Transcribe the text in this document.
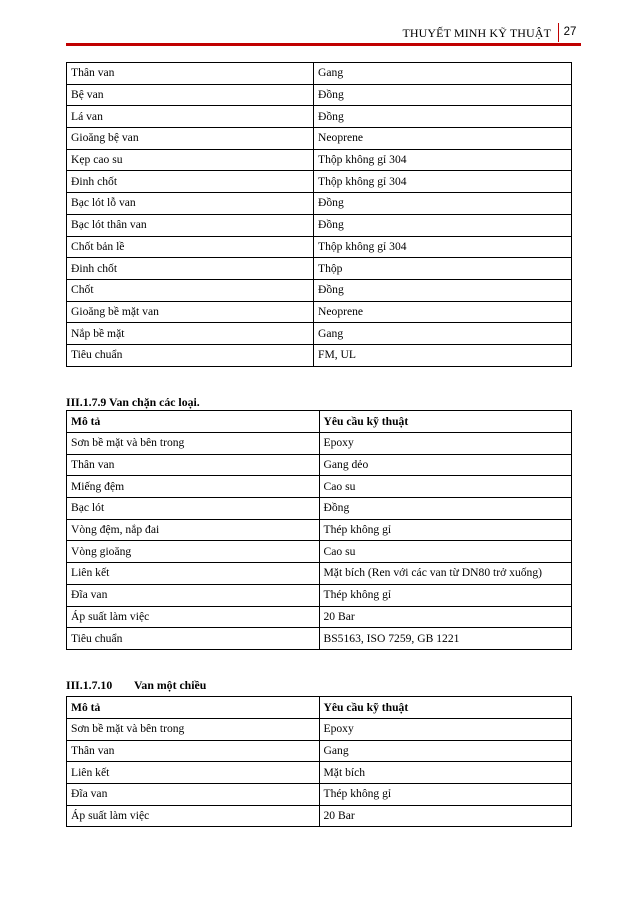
THUYẾT MINH KỸ THUẬT	27
Thân van	Gang
Bệ van	Đồng
Lá van	Đồng
Gioăng bệ van	Neoprene
Kẹp cao su	Thộp không gỉ 304
Đinh chốt	Thộp không gỉ 304
Bạc lót lỗ van	Đồng
Bạc lót thân van	Đồng
Chốt bản lề	Thộp không gỉ 304
Đinh chốt	Thộp
Chốt	Đồng
Gioăng bề mặt van	Neoprene
Nắp bề mặt	Gang
Tiêu chuẩn	FM, UL
III.1.7.9 Van chặn các loại.
Mô tả	Yêu cầu kỹ thuật
Sơn bề mặt và bên trong	Epoxy
Thân van	Gang dẻo
Miếng đệm	Cao su
Bạc lót	Đồng
Vòng đệm, nắp đai	Thép không gỉ
Vòng gioăng	Cao su
Liên kết	Mặt bích (Ren với các van từ DN80 trở xuống)
Đĩa van	Thép không gỉ
Áp suất làm việc	20 Bar
Tiêu chuẩn	BS5163, ISO 7259, GB 1221
III.1.7.10 Van một chiều
Mô tả	Yêu cầu kỹ thuật
Sơn bề mặt và bên trong	Epoxy
Thân van	Gang
Liên kết	Mặt bích
Đĩa van	Thép không gỉ
Áp suất làm việc	20 Bar
